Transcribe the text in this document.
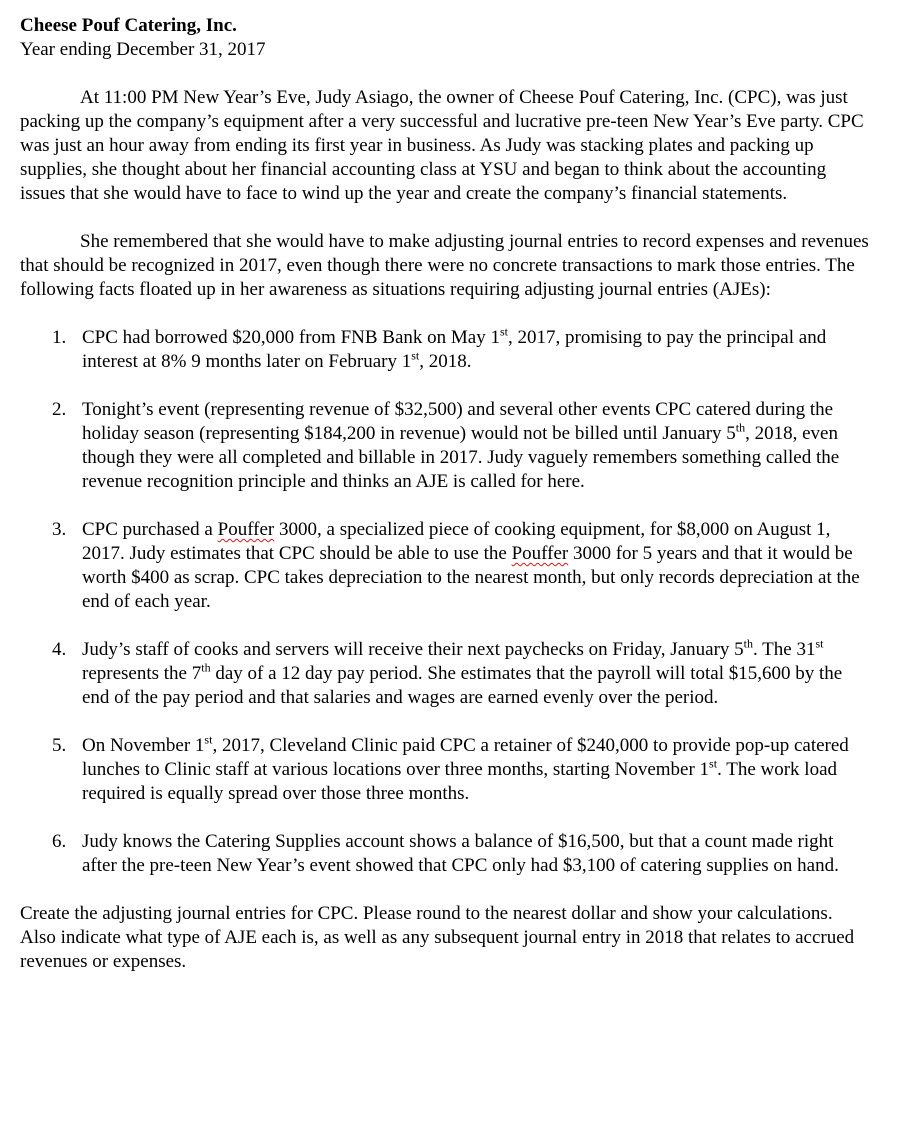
Cheese Pouf Catering, Inc.

Year ending December 31, 2017

At 11:00 PM New Year’s Eve, Judy Asiago, the owner of Cheese Pouf Catering, Inc. (CPC), was just packing up the company’s equipment after a very successful and lucrative pre-teen New Year’s Eve party. CPC was just an hour away from ending its first year in business. As Judy was stacking plates and packing up supplies, she thought about her financial accounting class at YSU and began to think about the accounting issues that she would have to face to wind up the year and create the company’s financial statements.

She remembered that she would have to make adjusting journal entries to record expenses and revenues that should be recognized in 2017, even though there were no concrete transactions to mark those entries. The following facts floated up in her awareness as situations requiring adjusting journal entries (AJEs):

1. CPC had borrowed $20,000 from FNB Bank on May 1st, 2017, promising to pay the principal and interest at 8% 9 months later on February 1st, 2018.
2. Tonight’s event (representing revenue of $32,500) and several other events CPC catered during the holiday season (representing $184,200 in revenue) would not be billed until January 5th, 2018, even though they were all completed and billable in 2017. Judy vaguely remembers something called the revenue recognition principle and thinks an AJE is called for here.
3. CPC purchased a Pouffer 3000, a specialized piece of cooking equipment, for $8,000 on August 1, 2017. Judy estimates that CPC should be able to use the Pouffer 3000 for 5 years and that it would be worth $400 as scrap. CPC takes depreciation to the nearest month, but only records depreciation at the end of each year.
4. Judy’s staff of cooks and servers will receive their next paychecks on Friday, January 5th. The 31st represents the 7th day of a 12 day pay period. She estimates that the payroll will total $15,600 by the end of the pay period and that salaries and wages are earned evenly over the period.
5. On November 1st, 2017, Cleveland Clinic paid CPC a retainer of $240,000 to provide pop-up catered lunches to Clinic staff at various locations over three months, starting November 1st. The work load required is equally spread over those three months.
6. Judy knows the Catering Supplies account shows a balance of $16,500, but that a count made right after the pre-teen New Year’s event showed that CPC only had $3,100 of catering supplies on hand.

Create the adjusting journal entries for CPC. Please round to the nearest dollar and show your calculations. Also indicate what type of AJE each is, as well as any subsequent journal entry in 2018 that relates to accrued revenues or expenses.
